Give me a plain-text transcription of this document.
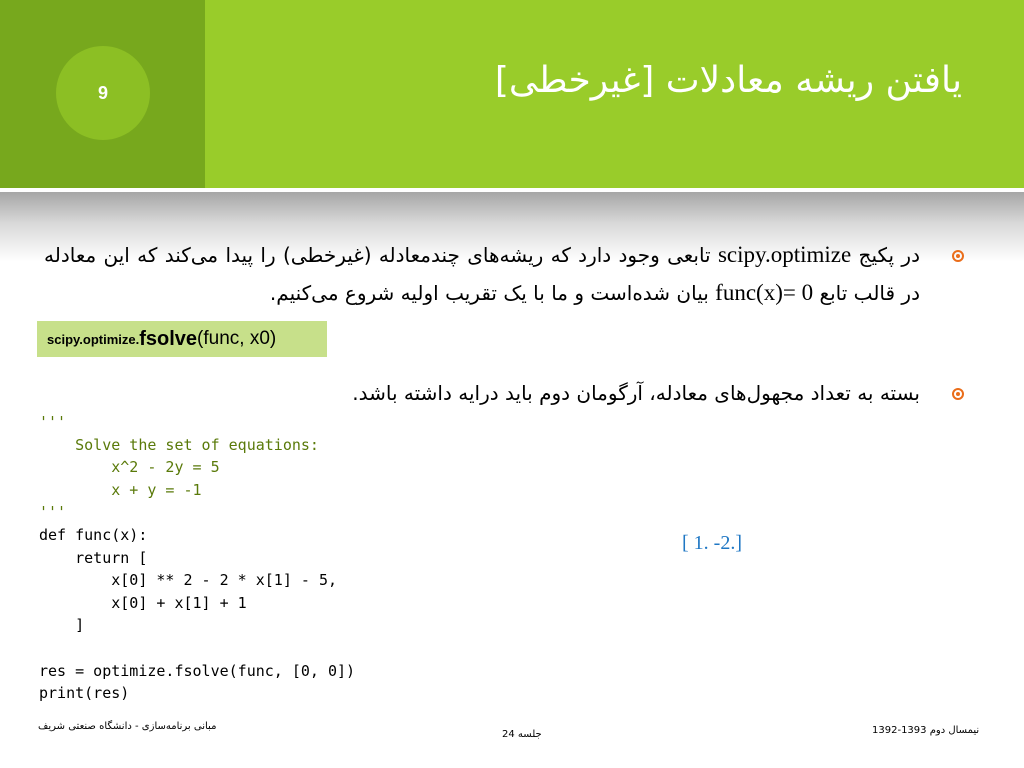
9	یافتن ریشه معادلات [غیرخطی]
در پکیج scipy.optimize تابعی وجود دارد که ریشه‌های چندمعادله (غیرخطی) را پیدا می‌کند که این معادله در قالب تابع func(x)= 0 بیان شده‌است و ما با یک تقریب اولیه شروع می‌کنیم.
scipy.optimize. fsolve (func, x0)
بسته به تعداد مجهول‌های معادله، آرگومان دوم باید درایه داشته باشد.
'''
Solve the set of equations:
x^2 - 2y = 5
x + y = -1
'''
def func(x):
return [
x[0] ** 2 - 2 * x[1] - 5,
x[0] + x[1] + 1
]

res = optimize.fsolve(func, [0, 0])
print(res)
[ 1. -2.]
مبانی برنامه‌سازی - دانشگاه صنعتی شریف
جلسه 24	نیمسال دوم 1393-1392
